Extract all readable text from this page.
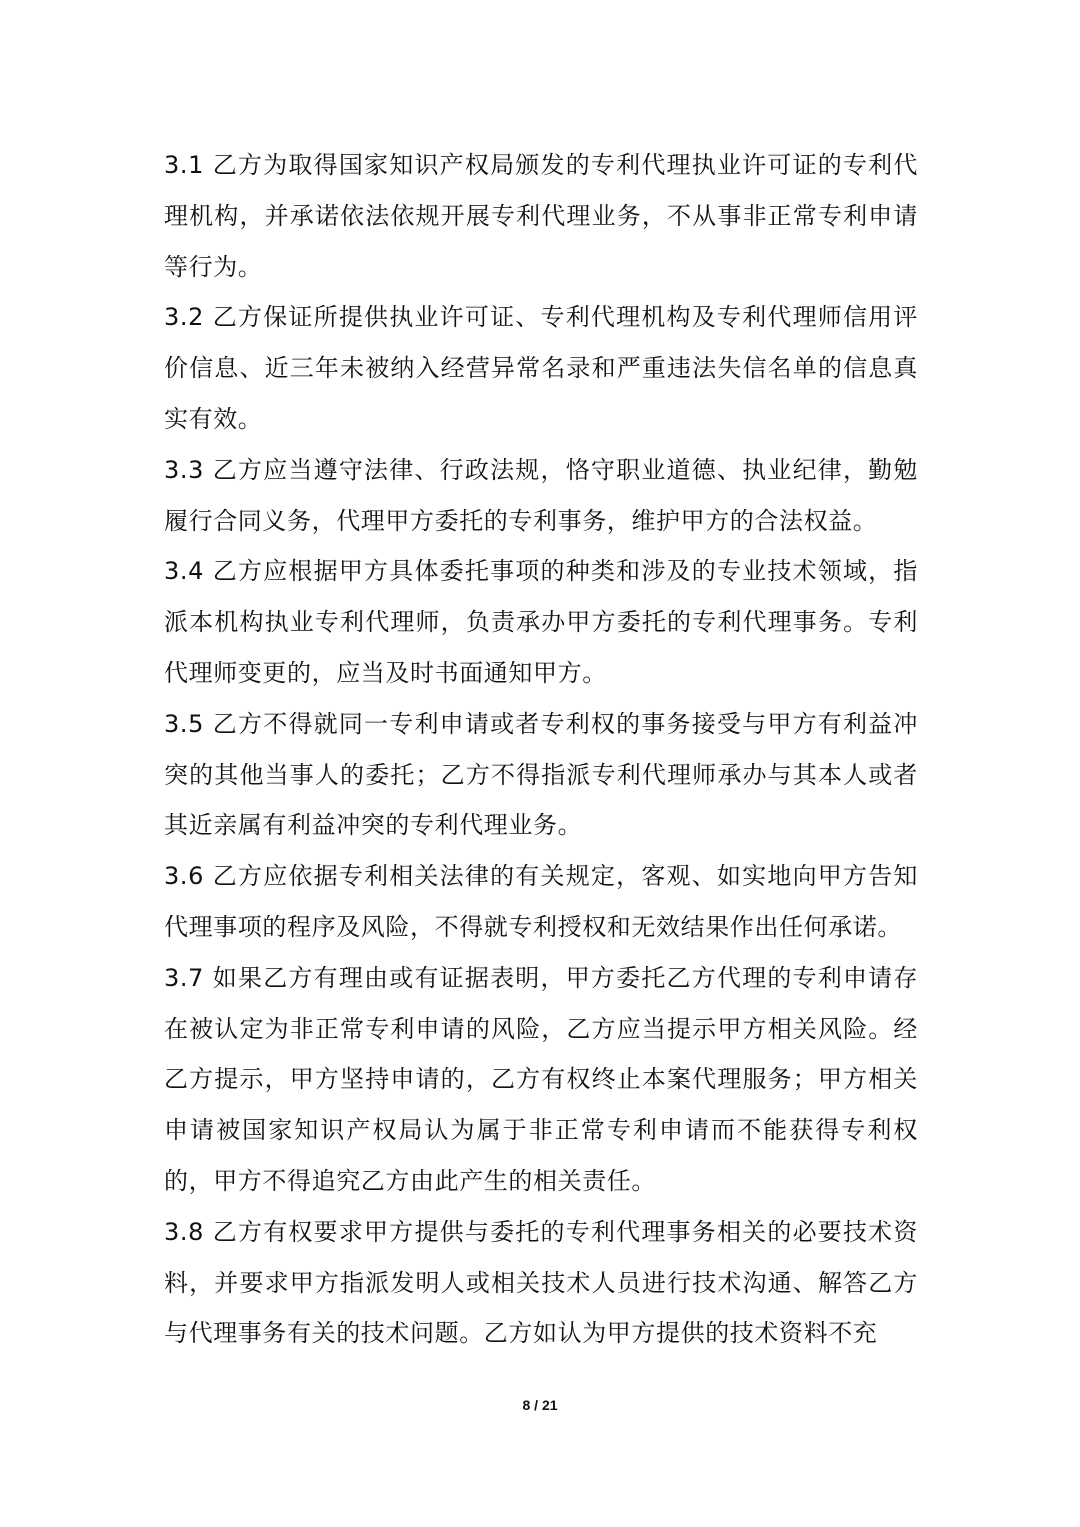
3.1 乙方为取得国家知识产权局颁发的专利代理执业许可证的专利代理机构，并承诺依法依规开展专利代理业务，不从事非正常专利申请等行为。

3.2 乙方保证所提供执业许可证、专利代理机构及专利代理师信用评价信息、近三年未被纳入经营异常名录和严重违法失信名单的信息真实有效。

3.3 乙方应当遵守法律、行政法规，恪守职业道德、执业纪律，勤勉履行合同义务，代理甲方委托的专利事务，维护甲方的合法权益。

3.4 乙方应根据甲方具体委托事项的种类和涉及的专业技术领域，指派本机构执业专利代理师，负责承办甲方委托的专利代理事务。专利代理师变更的，应当及时书面通知甲方。

3.5 乙方不得就同一专利申请或者专利权的事务接受与甲方有利益冲突的其他当事人的委托；乙方不得指派专利代理师承办与其本人或者其近亲属有利益冲突的专利代理业务。

3.6 乙方应依据专利相关法律的有关规定，客观、如实地向甲方告知代理事项的程序及风险，不得就专利授权和无效结果作出任何承诺。

3.7 如果乙方有理由或有证据表明，甲方委托乙方代理的专利申请存在被认定为非正常专利申请的风险，乙方应当提示甲方相关风险。经乙方提示，甲方坚持申请的，乙方有权终止本案代理服务；甲方相关申请被国家知识产权局认为属于非正常专利申请而不能获得专利权的，甲方不得追究乙方由此产生的相关责任。

3.8 乙方有权要求甲方提供与委托的专利代理事务相关的必要技术资料，并要求甲方指派发明人或相关技术人员进行技术沟通、解答乙方与代理事务有关的技术问题。乙方如认为甲方提供的技术资料不充

8 / 21
